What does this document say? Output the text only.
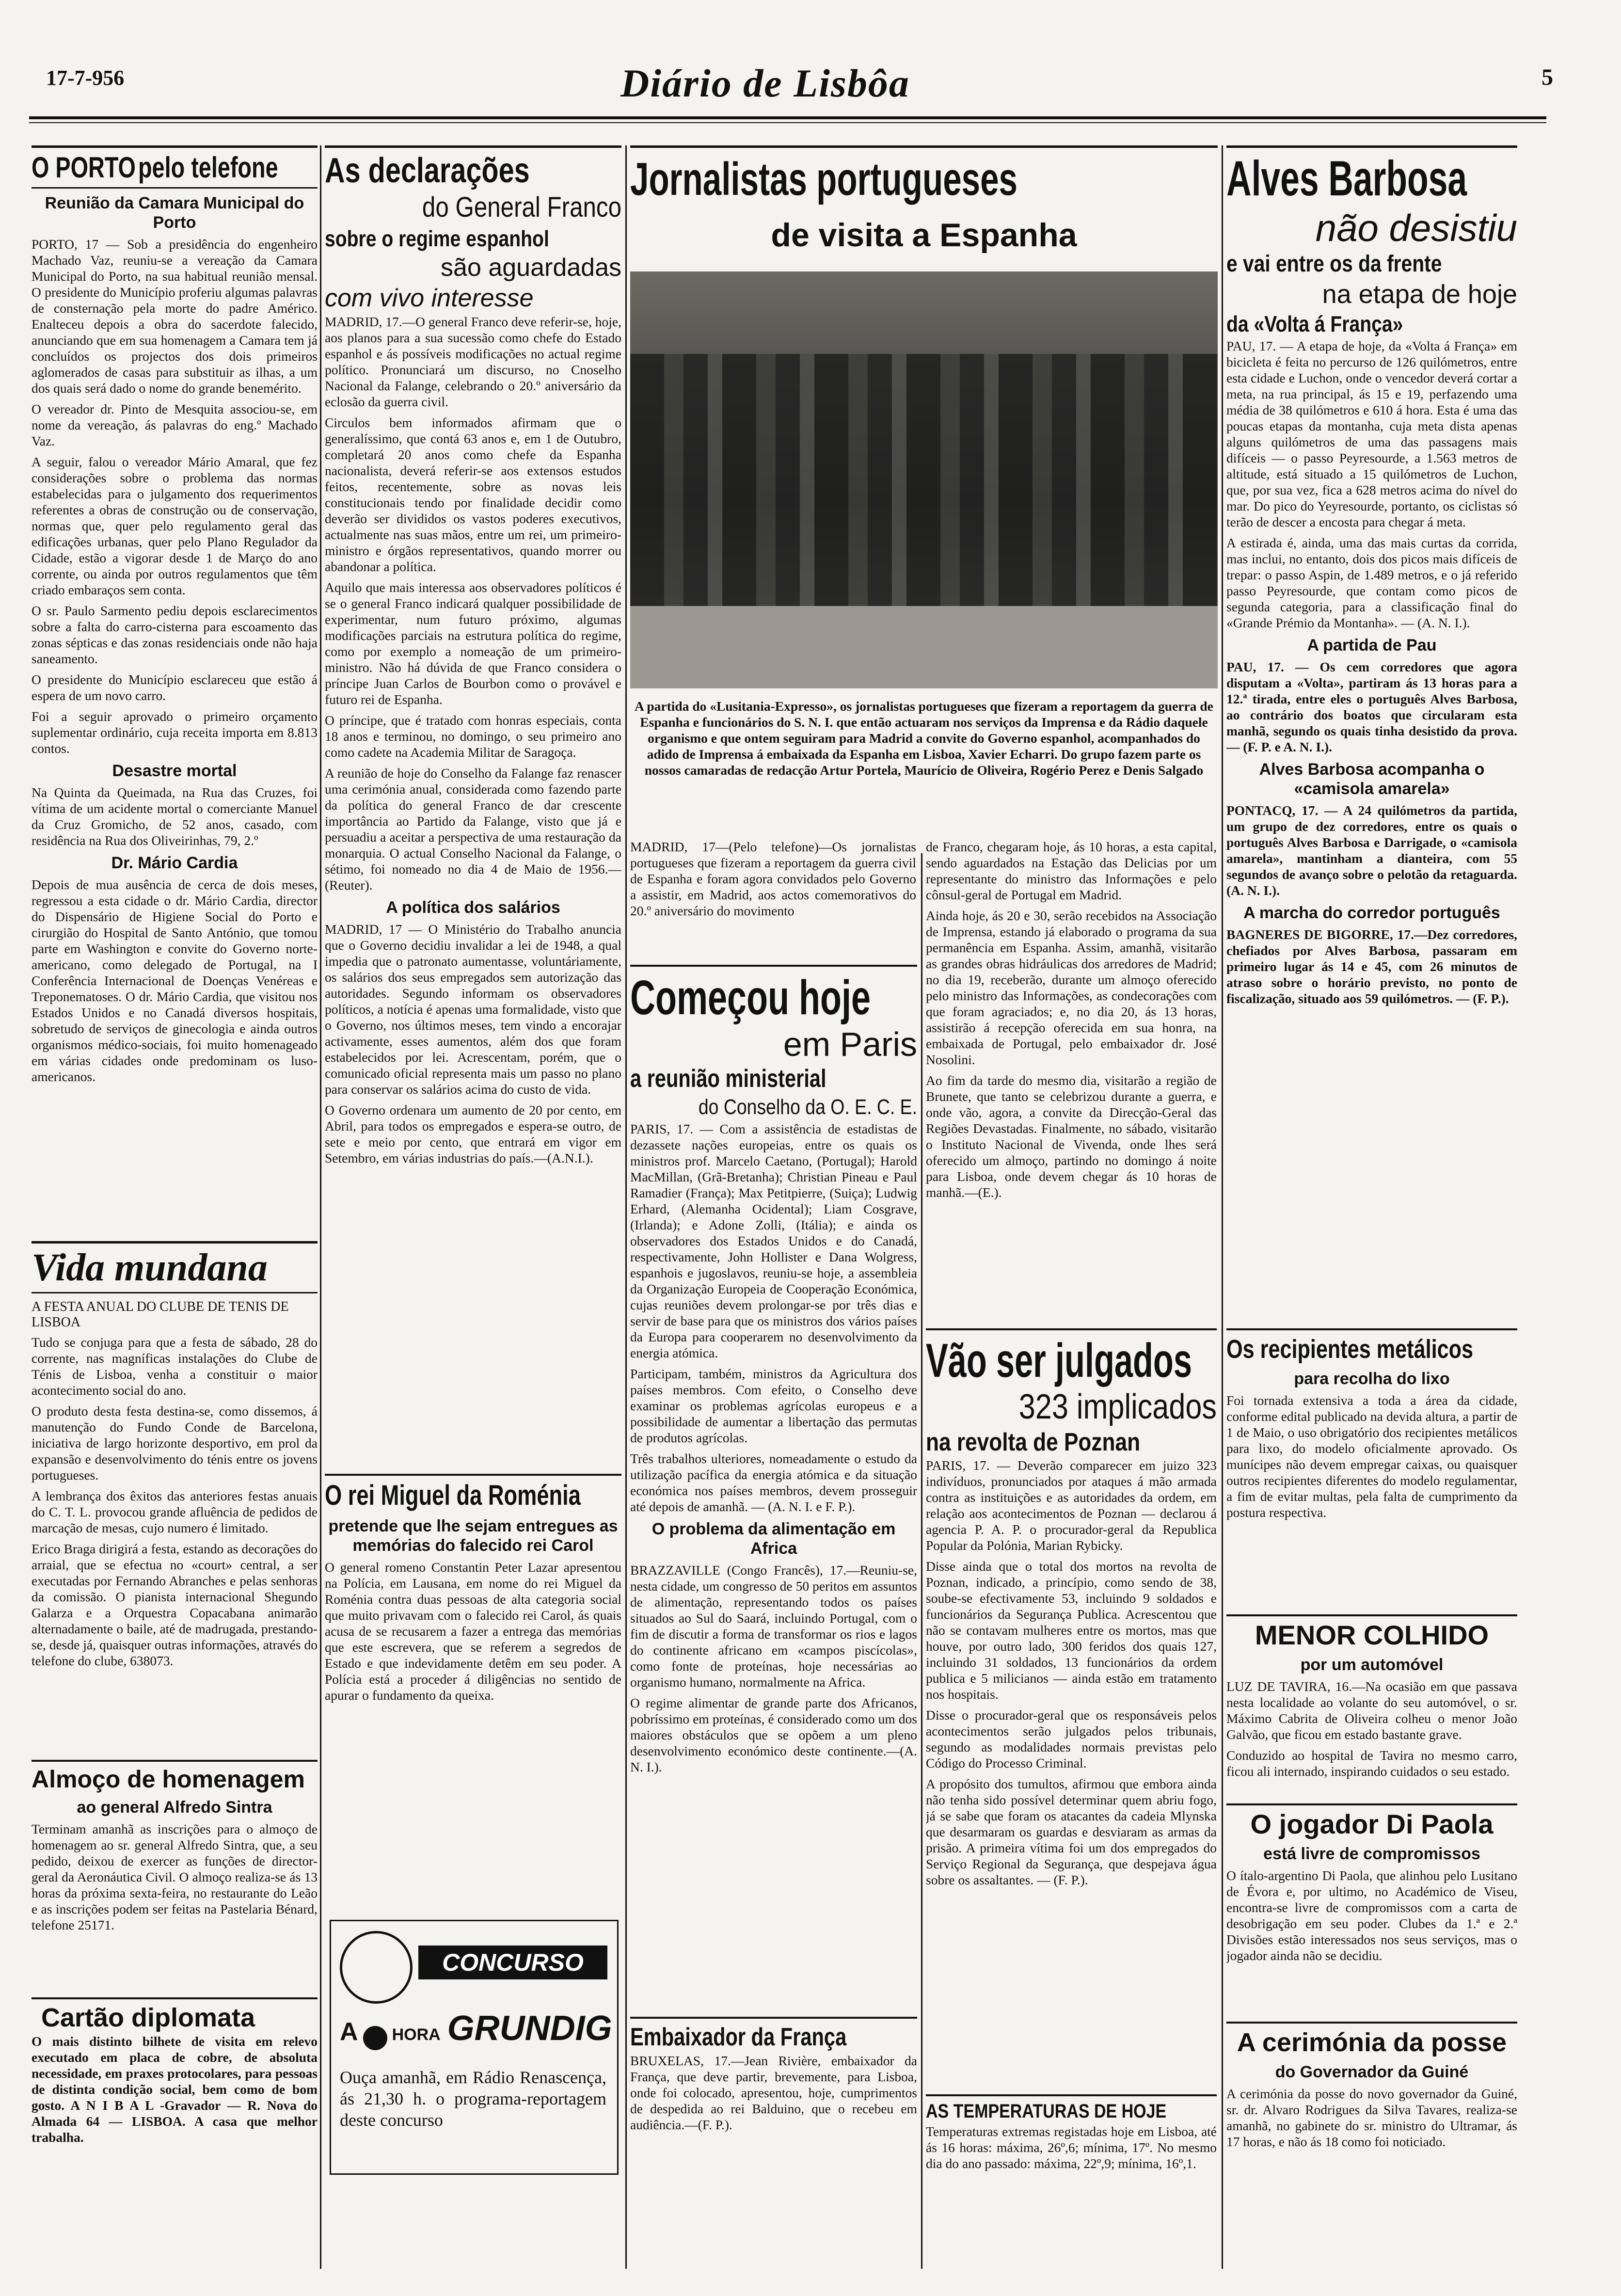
17-7-956	Diário de Lisbôa	5
O PORTO pelo telefone
Reunião da Camara Municipal do Porto

PORTO, 17 — Sob a presidência do engenheiro Machado Vaz, reuniu-se a vereação da Camara Municipal do Porto, na sua habitual reunião mensal. O presidente do Município proferiu algumas palavras de consternação pela morte do padre Américo. Enalteceu depois a obra do sacerdote falecido, anunciando que em sua homenagem a Camara tem já concluídos os projectos dos dois primeiros aglomerados de casas para substituir as ilhas, a um dos quais será dado o nome do grande benemérito.

O vereador dr. Pinto de Mesquita associou-se, em nome da vereação, ás palavras do eng.º Machado Vaz.

A seguir, falou o vereador Mário Amaral, que fez considerações sobre o problema das normas estabelecidas para o julgamento dos requerimentos referentes a obras de construção ou de conservação, normas que, quer pelo regulamento geral das edificações urbanas, quer pelo Plano Regulador da Cidade, estão a vigorar desde 1 de Março do ano corrente, ou ainda por outros regulamentos que têm criado embaraços sem conta.

O sr. Paulo Sarmento pediu depois esclarecimentos sobre a falta do carro-cisterna para escoamento das zonas sépticas e das zonas residenciais onde não haja saneamento.

O presidente do Município esclareceu que estão á espera de um novo carro.

Foi a seguir aprovado o primeiro orçamento suplementar ordinário, cuja receita importa em 8.813 contos.

Desastre mortal

Na Quinta da Queimada, na Rua das Cruzes, foi vítima de um acidente mortal o comerciante Manuel da Cruz Gromicho, de 52 anos, casado, com residência na Rua dos Oliveirinhas, 79, 2.º

Dr. Mário Cardia

Depois de mua ausência de cerca de dois meses, regressou a esta cidade o dr. Mário Cardia, director do Dispensário de Higiene Social do Porto e cirurgião do Hospital de Santo António, que tomou parte em Washington e convite do Governo norte-americano, como delegado de Portugal, na I Conferência Internacional de Doenças Venéreas e Treponematoses. O dr. Mário Cardia, que visitou nos Estados Unidos e no Canadá diversos hospitais, sobretudo de serviços de ginecologia e ainda outros organismos médico-sociais, foi muito homenageado em várias cidades onde predominam os luso-americanos.

Vida mundana
A FESTA ANUAL DO CLUBE DE TENIS DE LISBOA

Tudo se conjuga para que a festa de sábado, 28 do corrente, nas magníficas instalações do Clube de Ténis de Lisboa, venha a constituir o maior acontecimento social do ano.

O produto desta festa destina-se, como dissemos, á manutenção do Fundo Conde de Barcelona, iniciativa de largo horizonte desportivo, em prol da expansão e desenvolvimento do ténis entre os jovens portugueses.

A lembrança dos êxitos das anteriores festas anuais do C. T. L. provocou grande afluência de pedidos de marcação de mesas, cujo numero é limitado.

Erico Braga dirigirá a festa, estando as decorações do arraial, que se efectua no «court» central, a ser executadas por Fernando Abranches e pelas senhoras da comissão. O pianista internacional Shegundo Galarza e a Orquestra Copacabana animarão alternadamente o baile, até de madrugada, prestando-se, desde já, quaisquer outras informações, através do telefone do clube, 638073.

Almoço de homenagem
ao general Alfredo Sintra

Terminam amanhã as inscrições para o almoço de homenagem ao sr. general Alfredo Sintra, que, a seu pedido, deixou de exercer as funções de director-geral da Aeronáutica Civil. O almoço realiza-se ás 13 horas da próxima sexta-feira, no restaurante do Leão e as inscrições podem ser feitas na Pastelaria Bénard, telefone 25171.

Cartão diplomata

O mais distinto bilhete de visita em relevo executado em placa de cobre, de absoluta necessidade, em praxes protocolares, para pessoas de distinta condição social, bem como de bom gosto. A N I B A L -Gravador — R. Nova do Almada 64 — LISBOA. A casa que melhor trabalha.

As declarações
do General Franco
sobre o regime espanhol
são aguardadas
com vivo interesse

MADRID, 17.—O general Franco deve referir-se, hoje, aos planos para a sua sucessão como chefe do Estado espanhol e ás possíveis modificações no actual regime político. Pronunciará um discurso, no Cnoselho Nacional da Falange, celebrando o 20.º aniversário da eclosão da guerra civil.

Circulos bem informados afirmam que o generalíssimo, que contá 63 anos e, em 1 de Outubro, completará 20 anos como chefe da Espanha nacionalista, deverá referir-se aos extensos estudos feitos, recentemente, sobre as novas leis constitucionais tendo por finalidade decidir como deverão ser divididos os vastos poderes executivos, actualmente nas suas mãos, entre um rei, um primeiro-ministro e órgãos representativos, quando morrer ou abandonar a política.

Aquilo que mais interessa aos observadores políticos é se o general Franco indicará qualquer possibilidade de experimentar, num futuro próximo, algumas modificações parciais na estrutura política do regime, como por exemplo a nomeação de um primeiro-ministro. Não há dúvida de que Franco considera o príncipe Juan Carlos de Bourbon como o provável e futuro rei de Espanha.

O príncipe, que é tratado com honras especiais, conta 18 anos e terminou, no domingo, o seu primeiro ano como cadete na Academia Militar de Saragoça.

A reunião de hoje do Conselho da Falange faz renascer uma cerimónia anual, considerada como fazendo parte da política do general Franco de dar crescente importância ao Partido da Falange, visto que já e persuadiu a aceitar a perspectiva de uma restauração da monarquia. O actual Conselho Nacional da Falange, o sétimo, foi nomeado no dia 4 de Maio de 1956.—(Reuter).

A política dos salários

MADRID, 17 — O Ministério do Trabalho anuncia que o Governo decidiu invalidar a lei de 1948, a qual impedia que o patronato aumentasse, voluntáriamente, os salários dos seus empregados sem autorização das autoridades. Segundo informam os observadores políticos, a notícia é apenas uma formalidade, visto que o Governo, nos últimos meses, tem vindo a encorajar activamente, esses aumentos, além dos que foram estabelecidos por lei. Acrescentam, porém, que o comunicado oficial representa mais um passo no plano para conservar os salários acima do custo de vida.

O Governo ordenara um aumento de 20 por cento, em Abril, para todos os empregados e espera-se outro, de sete e meio por cento, que entrará em vigor em Setembro, em várias industrias do país.—(A.N.I.).

O rei Miguel da Roménia
pretende que lhe sejam entregues as memórias do falecido rei Carol

O general romeno Constantin Peter Lazar apresentou na Polícia, em Lausana, em nome do rei Miguel da Roménia contra duas pessoas de alta categoria social que muito privavam com o falecido rei Carol, ás quais acusa de se recusarem a fazer a entrega das memórias que este escrevera, que se referem a segredos de Estado e que indevidamente detêm em seu poder. A Polícia está a proceder á diligências no sentido de apurar o fundamento da queixa.

CONCURSO
A HORA GRUNDIG
Ouça amanhã, em Rádio Renascença, ás 21,30 h. o programa-reportagem deste concurso
Jornalistas portugueses
de visita a Espanha
A partida do «Lusitania-Expresso», os jornalistas portugueses que fizeram a reportagem da guerra de Espanha e funcionários do S. N. I. que então actuaram nos serviços da Imprensa e da Rádio daquele organismo e que ontem seguiram para Madrid a convite do Governo espanhol, acompanhados do adido de Imprensa á embaixada da Espanha em Lisboa, Xavier Echarri. Do grupo fazem parte os nossos camaradas de redacção Artur Portela, Maurício de Oliveira, Rogério Perez e Denis Salgado

MADRID, 17—(Pelo telefone)—Os jornalistas portugueses que fizeram a reportagem da guerra civil de Espanha e foram agora convidados pelo Governo a assistir, em Madrid, aos actos comemorativos do 20.º aniversário do movimento

de Franco, chegaram hoje, ás 10 horas, a esta capital, sendo aguardados na Estação das Delicias por um representante do ministro das Informações e pelo cônsul-geral de Portugal em Madrid.

Ainda hoje, ás 20 e 30, serão recebidos na Associação de Imprensa, estando já elaborado o programa da sua permanência em Espanha. Assim, amanhã, visitarão as grandes obras hidráulicas dos arredores de Madrid; no dia 19, receberão, durante um almoço oferecido pelo ministro das Informações, as condecorações com que foram agraciados; e, no dia 20, ás 13 horas, assistirão á recepção oferecida em sua honra, na embaixada de Portugal, pelo embaixador dr. José Nosolini.

Ao fim da tarde do mesmo dia, visitarão a região de Brunete, que tanto se celebrizou durante a guerra, e onde vão, agora, a convite da Direcção-Geral das Regiões Devastadas. Finalmente, no sábado, visitarão o Instituto Nacional de Vivenda, onde lhes será oferecido um almoço, partindo no domingo á noite para Lisboa, onde devem chegar ás 10 horas de manhã.—(E.).

Começou hoje
em Paris
a reunião ministerial
do Conselho da O. E. C. E.

PARIS, 17. — Com a assistência de estadistas de dezassete nações europeias, entre os quais os ministros prof. Marcelo Caetano, (Portugal); Harold MacMillan, (Grã-Bretanha); Christian Pineau e Paul Ramadier (França); Max Petitpierre, (Suiça); Ludwig Erhard, (Alemanha Ocidental); Liam Cosgrave, (Irlanda); e Adone Zolli, (Itália); e ainda os observadores dos Estados Unidos e do Canadá, respectivamente, John Hollister e Dana Wolgress, espanhois e jugoslavos, reuniu-se hoje, a assembleia da Organização Europeia de Cooperação Económica, cujas reuniões devem prolongar-se por três dias e servir de base para que os ministros dos vários países da Europa para cooperarem no desenvolvimento da energia atómica.

Participam, também, ministros da Agricultura dos países membros. Com efeito, o Conselho deve examinar os problemas agrícolas europeus e a possibilidade de aumentar a libertação das permutas de produtos agrícolas.

Três trabalhos ulteriores, nomeadamente o estudo da utilização pacífica da energia atómica e da situação económica nos países membros, devem prosseguir até depois de amanhã. — (A. N. I. e F. P.).

O problema da alimentação em Africa

BRAZZAVILLE (Congo Francês), 17.—Reuniu-se, nesta cidade, um congresso de 50 peritos em assuntos de alimentação, representando todos os países situados ao Sul do Saará, incluindo Portugal, com o fim de discutir a forma de transformar os rios e lagos do continente africano em «campos piscícolas», como fonte de proteínas, hoje necessárias ao organismo humano, normalmente na Africa.

O regime alimentar de grande parte dos Africanos, pobríssimo em proteínas, é considerado como um dos maiores obstáculos que se opõem a um pleno desenvolvimento económico deste continente.—(A. N. I.).

Embaixador da França

BRUXELAS, 17.—Jean Rivière, embaixador da França, que deve partir, brevemente, para Lisboa, onde foi colocado, apresentou, hoje, cumprimentos de despedida ao rei Balduino, que o recebeu em audiência.—(F. P.).

Vão ser julgados
323 implicados
na revolta de Poznan

PARIS, 17. — Deverão comparecer em juizo 323 indivíduos, pronunciados por ataques á mão armada contra as instituições e as autoridades da ordem, em relação aos acontecimentos de Poznan — declarou á agencia P. A. P. o procurador-geral da Republica Popular da Polónia, Marian Rybicky.

Disse ainda que o total dos mortos na revolta de Poznan, indicado, a princípio, como sendo de 38, soube-se efectivamente 53, incluindo 9 soldados e funcionários da Segurança Publica. Acrescentou que não se contavam mulheres entre os mortos, mas que houve, por outro lado, 300 feridos dos quais 127, incluindo 31 soldados, 13 funcionários da ordem publica e 5 milicianos — ainda estão em tratamento nos hospitais.

Disse o procurador-geral que os responsáveis pelos acontecimentos serão julgados pelos tribunais, segundo as modalidades normais previstas pelo Código do Processo Criminal.

A propósito dos tumultos, afirmou que embora ainda não tenha sido possível determinar quem abriu fogo, já se sabe que foram os atacantes da cadeia Mlynska que desarmaram os guardas e desviaram as armas da prisão. A primeira vítima foi um dos empregados do Serviço Regional da Segurança, que despejava água sobre os assaltantes. — (F. P.).

AS TEMPERATURAS DE HOJE

Temperaturas extremas registadas hoje em Lisboa, até ás 16 horas: máxima, 26º,6; mínima, 17º. No mesmo dia do ano passado: máxima, 22º,9; mínima, 16º,1.

Alves Barbosa
não desistiu
e vai entre os da frente
na etapa de hoje
da «Volta á França»

PAU, 17. — A etapa de hoje, da «Volta á França» em bicicleta é feita no percurso de 126 quilómetros, entre esta cidade e Luchon, onde o vencedor deverá cortar a meta, na rua principal, ás 15 e 19, perfazendo uma média de 38 quilómetros e 610 á hora. Esta é uma das poucas etapas da montanha, cuja meta dista apenas alguns quilómetros de uma das passagens mais difíceis — o passo Peyresourde, a 1.563 metros de altitude, está situado a 15 quilómetros de Luchon, que, por sua vez, fica a 628 metros acima do nível do mar. Do pico do Yeyresourde, portanto, os ciclistas só terão de descer a encosta para chegar á meta.

A estirada é, ainda, uma das mais curtas da corrida, mas inclui, no entanto, dois dos picos mais difíceis de trepar: o passo Aspin, de 1.489 metros, e o já referido passo Peyresourde, que contam como picos de segunda categoria, para a classificação final do «Grande Prémio da Montanha». — (A. N. I.).

A partida de Pau

PAU, 17. — Os cem corredores que agora disputam a «Volta», partiram ás 13 horas para a 12.ª tirada, entre eles o português Alves Barbosa, ao contrário dos boatos que circularam esta manhã, segundo os quais tinha desistido da prova. — (F. P. e A. N. I.).

Alves Barbosa acompanha o «camisola amarela»

PONTACQ, 17. — A 24 quilómetros da partida, um grupo de dez corredores, entre os quais o português Alves Barbosa e Darrigade, o «camisola amarela», mantinham a dianteira, com 55 segundos de avanço sobre o pelotão da retaguarda. (A. N. I.).

A marcha do corredor português

BAGNERES DE BIGORRE, 17.—Dez corredores, chefiados por Alves Barbosa, passaram em primeiro lugar ás 14 e 45, com 26 minutos de atraso sobre o horário previsto, no ponto de fiscalização, situado aos 59 quilómetros. — (F. P.).

Os recipientes metálicos
para recolha do lixo

Foi tornada extensiva a toda a área da cidade, conforme edital publicado na devida altura, a partir de 1 de Maio, o uso obrigatório dos recipientes metálicos para lixo, do modelo oficialmente aprovado. Os munícipes não devem empregar caixas, ou quaisquer outros recipientes diferentes do modelo regulamentar, a fim de evitar multas, pela falta de cumprimento da postura respectiva.

MENOR COLHIDO
por um automóvel

LUZ DE TAVIRA, 16.—Na ocasião em que passava nesta localidade ao volante do seu automóvel, o sr. Máximo Cabrita de Oliveira colheu o menor João Galvão, que ficou em estado bastante grave.

Conduzido ao hospital de Tavira no mesmo carro, ficou ali internado, inspirando cuidados o seu estado.

O jogador Di Paola
está livre de compromissos

O ítalo-argentino Di Paola, que alinhou pelo Lusitano de Évora e, por ultimo, no Académico de Viseu, encontra-se livre de compromissos com a carta de desobrigação em seu poder. Clubes da 1.ª e 2.ª Divisões estão interessados nos seus serviços, mas o jogador ainda não se decidiu.

A cerimónia da posse
do Governador da Guiné

A cerimónia da posse do novo governador da Guiné, sr. dr. Alvaro Rodrigues da Silva Tavares, realiza-se amanhã, no gabinete do sr. ministro do Ultramar, ás 17 horas, e não ás 18 como foi noticiado.
